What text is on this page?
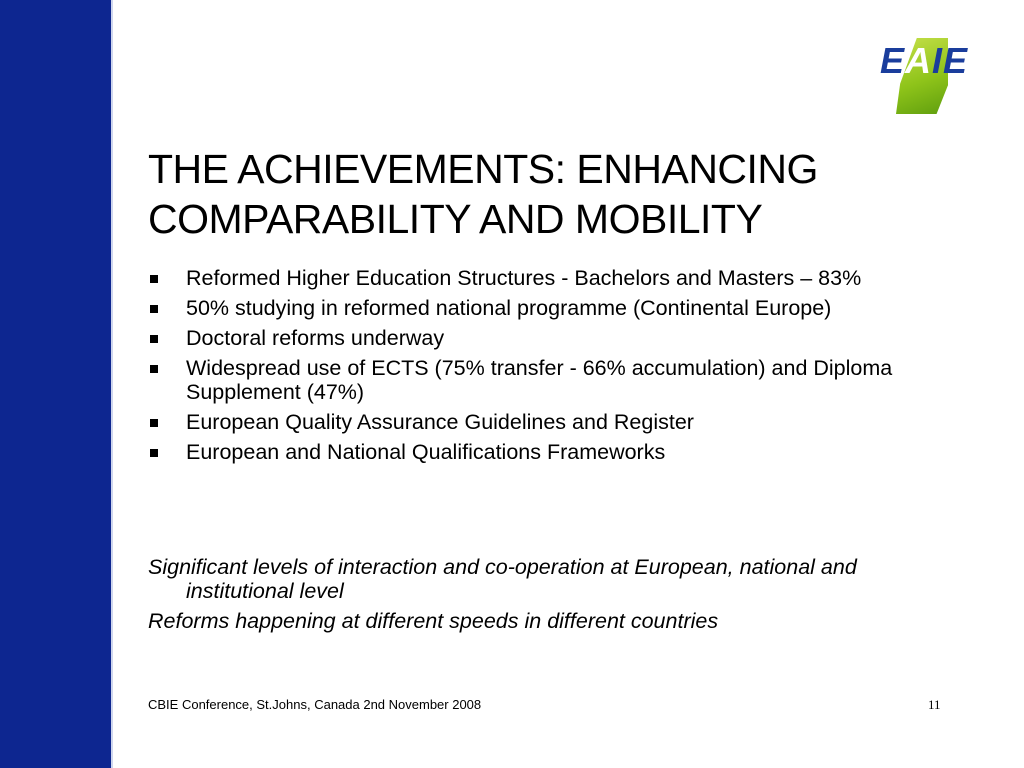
EAIE
THE ACHIEVEMENTS: ENHANCING
COMPARABILITY AND MOBILITY
Reformed Higher Education Structures - Bachelors and Masters – 83%
50% studying in reformed national programme (Continental Europe)
Doctoral reforms underway
Widespread use of ECTS (75% transfer - 66% accumulation) and Diploma Supplement (47%)
European Quality Assurance Guidelines and Register
European and National Qualifications Frameworks

Significant levels of interaction and co-operation at European, national and institutional level

Reforms happening at different speeds in different countries

CBIE Conference, St.Johns, Canada 2nd November 2008	11
